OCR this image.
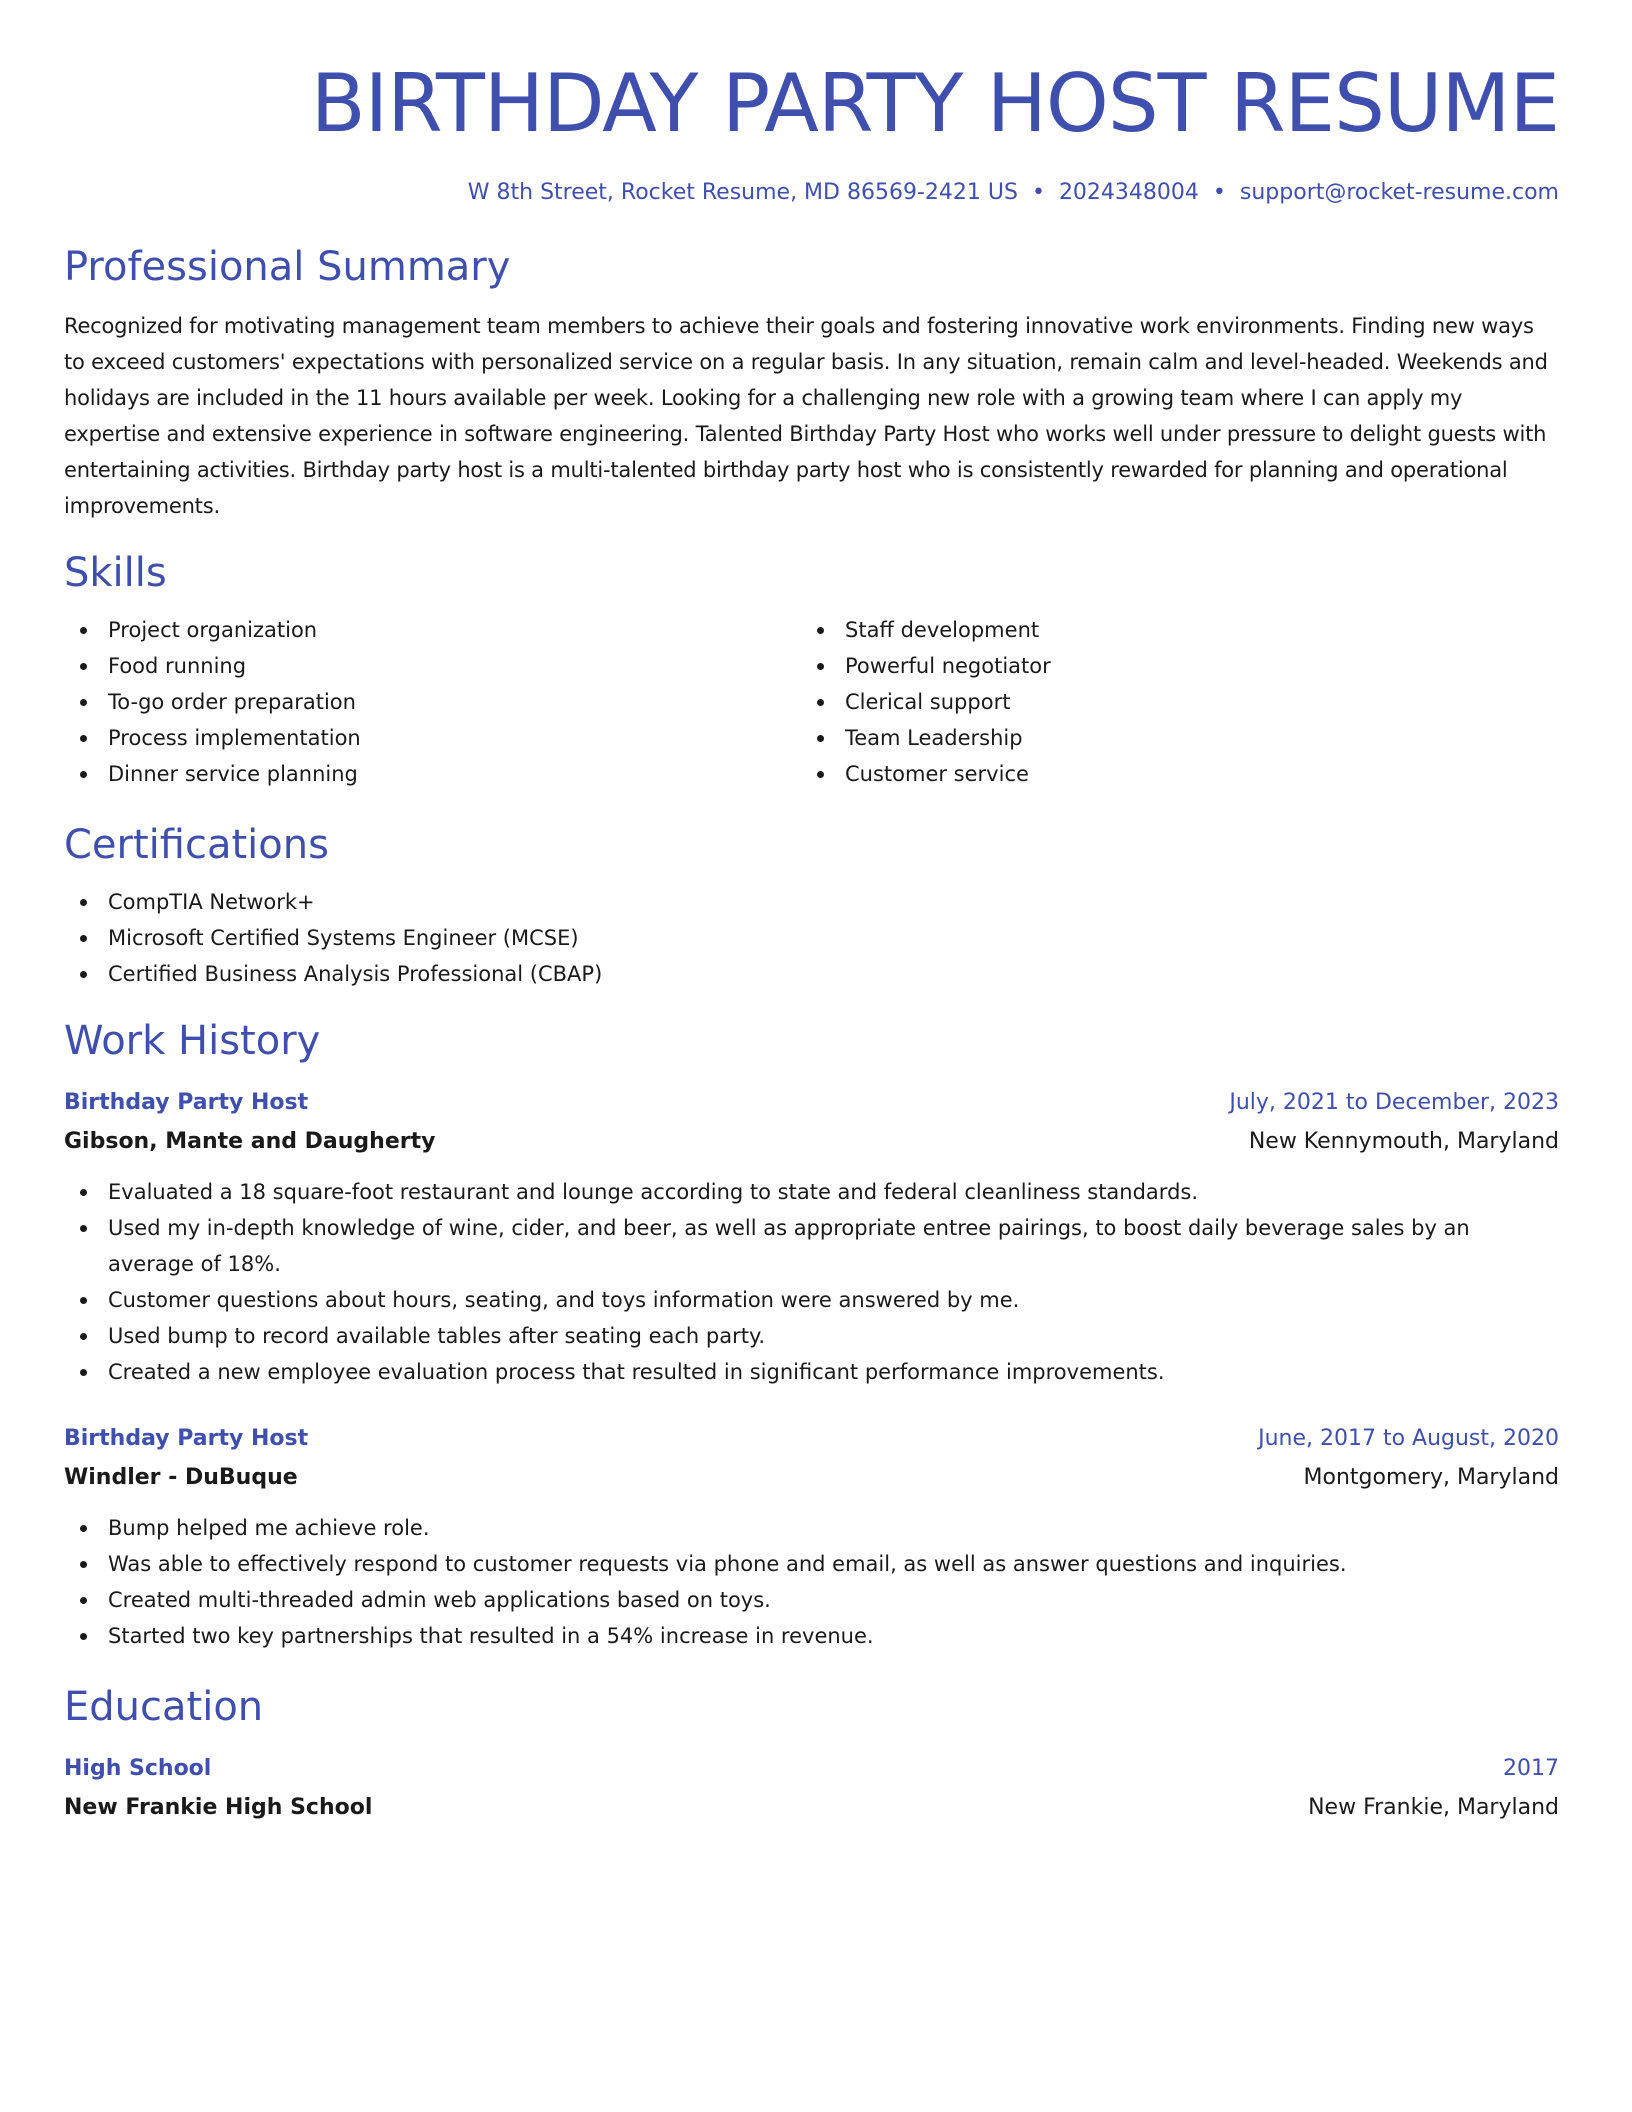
BIRTHDAY PARTY HOST RESUME
W 8th Street, Rocket Resume, MD 86569-2421 US • 2024348004 • support@rocket-resume.com
Professional Summary

Recognized for motivating management team members to achieve their goals and fostering innovative work environments. Finding new ways to exceed customers' expectations with personalized service on a regular basis. In any situation, remain calm and level-headed. Weekends and holidays are included in the 11 hours available per week. Looking for a challenging new role with a growing team where I can apply my expertise and extensive experience in software engineering. Talented Birthday Party Host who works well under pressure to delight guests with entertaining activities. Birthday party host is a multi-talented birthday party host who is consistently rewarded for planning and operational improvements.

Skills
Project organization
Food running
To-go order preparation
Process implementation
Dinner service planning
Staff development
Powerful negotiator
Clerical support
Team Leadership
Customer service
Certifications
CompTIA Network+
Microsoft Certified Systems Engineer (MCSE)
Certified Business Analysis Professional (CBAP)
Work History
Birthday Party Host	July, 2021 to December, 2023
Gibson, Mante and Daugherty	New Kennymouth, Maryland
Evaluated a 18 square-foot restaurant and lounge according to state and federal cleanliness standards.
Used my in-depth knowledge of wine, cider, and beer, as well as appropriate entree pairings, to boost daily beverage sales by an average of 18%.
Customer questions about hours, seating, and toys information were answered by me.
Used bump to record available tables after seating each party.
Created a new employee evaluation process that resulted in significant performance improvements.
Birthday Party Host	June, 2017 to August, 2020
Windler - DuBuque	Montgomery, Maryland
Bump helped me achieve role.
Was able to effectively respond to customer requests via phone and email, as well as answer questions and inquiries.
Created multi-threaded admin web applications based on toys.
Started two key partnerships that resulted in a 54% increase in revenue.
Education
High School	2017
New Frankie High School	New Frankie, Maryland
